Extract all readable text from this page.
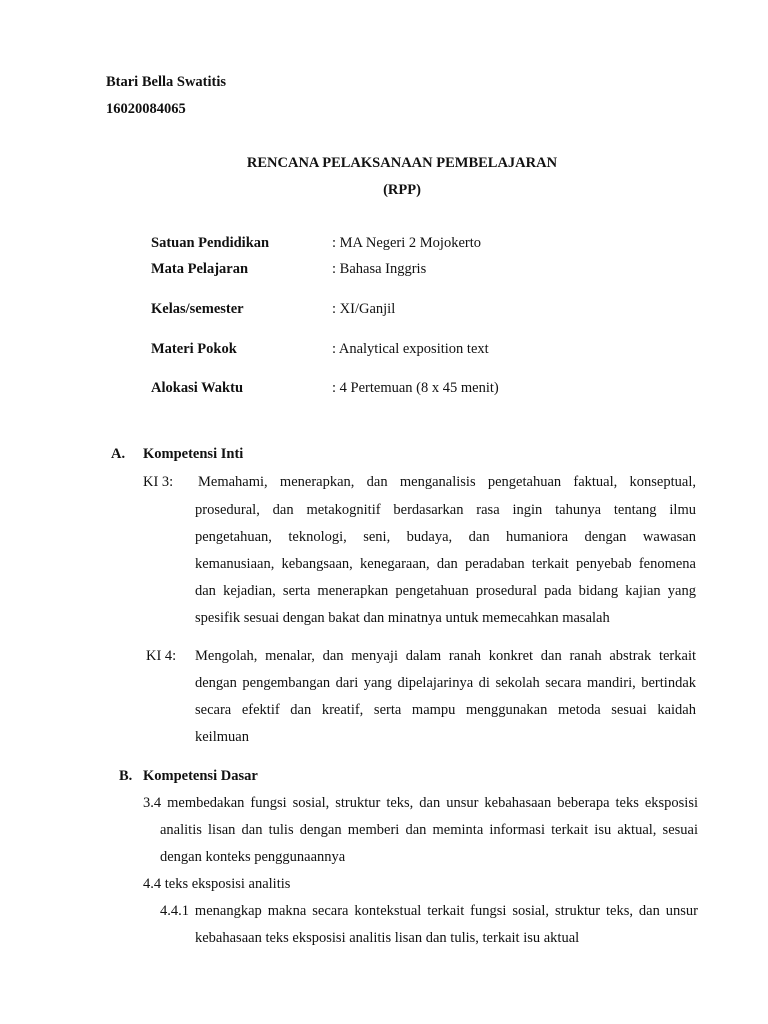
Btari Bella Swatitis
16020084065
RENCANA PELAKSANAAN PEMBELAJARAN
(RPP)
Satuan Pendidikan	: MA Negeri 2 Mojokerto
Mata Pelajaran	: Bahasa Inggris
Kelas/semester	: XI/Ganjil
Materi Pokok	: Analytical exposition text
Alokasi Waktu	: 4 Pertemuan (8 x 45 menit)
A. Kompetensi Inti
KI 3: Memahami, menerapkan, dan menganalisis pengetahuan faktual, konseptual,
prosedural, dan metakognitif berdasarkan rasa ingin tahunya tentang ilmu
pengetahuan, teknologi, seni, budaya, dan humaniora dengan wawasan
kemanusiaan, kebangsaan, kenegaraan, dan peradaban terkait penyebab fenomena
dan kejadian, serta menerapkan pengetahuan prosedural pada bidang kajian yang
spesifik sesuai dengan bakat dan minatnya untuk memecahkan masalah
KI 4: Mengolah, menalar, dan menyaji dalam ranah konkret dan ranah abstrak terkait
dengan pengembangan dari yang dipelajarinya di sekolah secara mandiri, bertindak
secara efektif dan kreatif, serta mampu menggunakan metoda sesuai kaidah
keilmuan
B. Kompetensi Dasar
3.4 membedakan fungsi sosial, struktur teks, dan unsur kebahasaan beberapa teks eksposisi
analitis lisan dan tulis dengan memberi dan meminta informasi terkait isu aktual, sesuai
dengan konteks penggunaannya
4.4 teks eksposisi analitis
4.4.1 menangkap makna secara kontekstual terkait fungsi sosial, struktur teks, dan unsur
kebahasaan teks eksposisi analitis lisan dan tulis, terkait isu aktual
